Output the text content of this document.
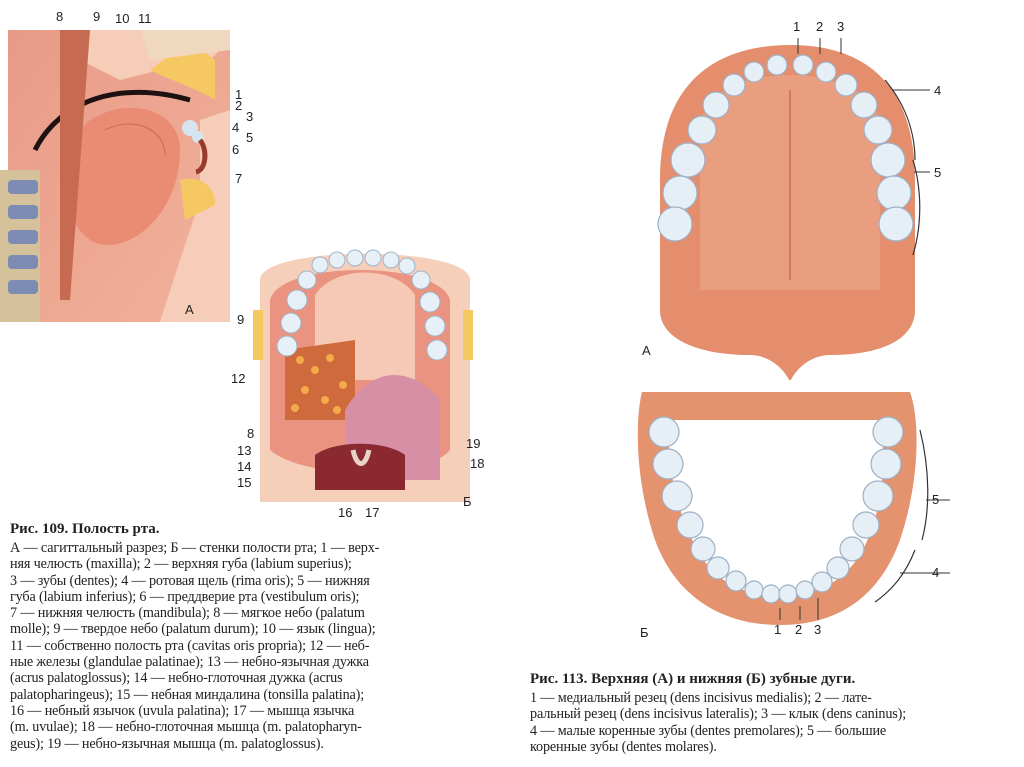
8 9 10 11
1
2
3
4
5
6
7
А
9
12
8
13
14
15
16 17
19
18
Б
1 2 3
4
5
А
5
4
1 2 3
Б
Рис. 109. Полость рта.
А — сагиттальный разрез; Б — стенки полости рта; 1 — верх-
няя челюсть (maxilla); 2 — верхняя губа (labium superius);
3 — зубы (dentes); 4 — ротовая щель (rima oris); 5 — нижняя
губа (labium inferius); 6 — преддверие рта (vestibulum oris);
7 — нижняя челюсть (mandibula); 8 — мягкое небо (palatum
molle); 9 — твердое небо (palatum durum); 10 — язык (lingua);
11 — собственно полость рта (cavitas oris propria); 12 — неб-
ные железы (glandulae palatinae); 13 — небно-язычная дужка
(acrus palatoglossus); 14 — небно-глоточная дужка (acrus
palatopharingeus); 15 — небная миндалина (tonsilla palatina);
16 — небный язычок (uvula palatina); 17 — мышца язычка
(m. uvulae); 18 — небно-глоточная мышца (m. palatopharyn-
geus); 19 — небно-язычная мышца (m. palatoglossus).
Рис. 113. Верхняя (А) и нижняя (Б) зубные дуги.
1 — медиальный резец (dens incisivus medialis); 2 — лате-
ральный резец (dens incisivus lateralis); 3 — клык (dens caninus);
4 — малые коренные зубы (dentes premolares); 5 — большие
коренные зубы (dentes molares).
